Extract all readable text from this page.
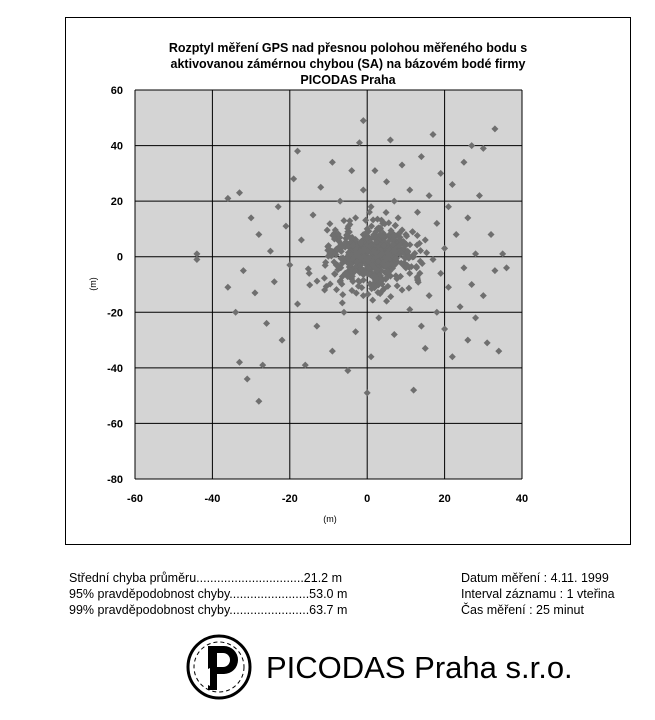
Rozptyl měření GPS nad přesnou polohou měřeného bodu s
aktivovanou zámérnou chybou (SA) na bázovém bodé firmy
PICODAS Praha
-60	-40	-20	0	20	40
60
40
20
0
-20
-40
-60
-80
(m)
(m)
Střední chyba průměru...............................21.2 m
95% pravděpodobnost chyby.......................53.0 m
99% pravděpodobnost chyby.......................63.7 m
Datum měření : 4.11. 1999
Interval záznamu : 1 vteřina
Čas měření : 25 minut
PICODAS Praha s.r.o.
